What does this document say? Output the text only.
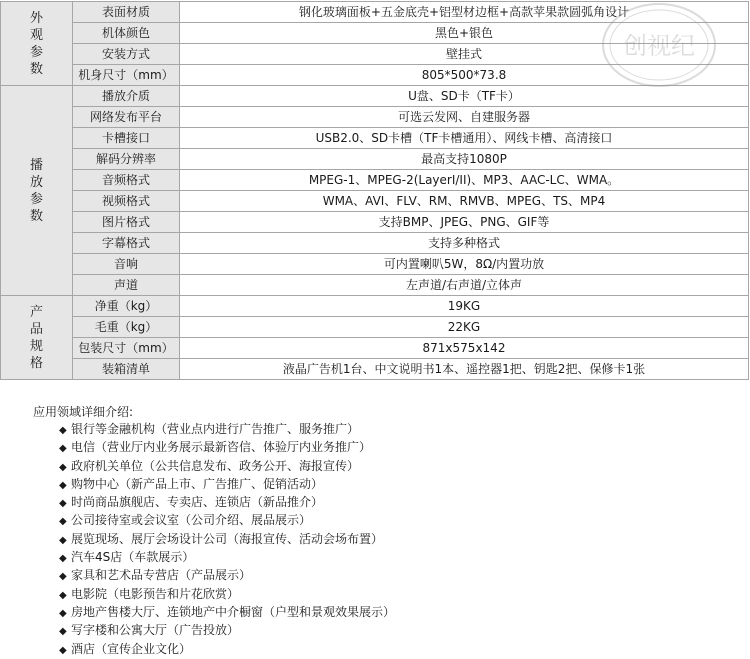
外
观
参
数	表面材质	钢化玻璃面板+五金底壳+铝型材边框+高款苹果款圆弧角设计
	机体颜色	黑色+银色
	安装方式	壁挂式
	机身尺寸（mm）	805*500*73.8

播
放
参
数	播放介质	U盘、SD卡（TF卡）
	网络发布平台	可选云发网、自建服务器
	卡槽接口	USB2.0、SD卡槽（TF卡槽通用）、网线卡槽、高清接口
	解码分辨率	最高支持1080P
	音频格式	MPEG-1、MPEG-2(LayerI/II)、MP3、AAC-LC、WMA。
	视频格式	WMA、AVI、FLV、RM、RMVB、MPEG、TS、MP4
	图片格式	支持BMP、JPEG、PNG、GIF等
	字幕格式	支持多种格式
	音响	可内置喇叭5W，8Ω/内置功放
	声道	左声道/右声道/立体声

产
品
规
格	净重（kg）	19KG
	毛重（kg）	22KG
	包装尺寸（mm）	871x575x142
	装箱清单	液晶广告机1台、中文说明书1本、遥控器1把、钥匙2把、保修卡1张
创视纪
应用领域详细介绍:
◆ 银行等金融机构（营业点内进行广告推广、服务推广）
◆ 电信（营业厅内业务展示最新咨信、体验厅内业务推广）
◆ 政府机关单位（公共信息发布、政务公开、海报宣传）
◆ 购物中心（新产品上市、广告推广、促销活动）
◆ 时尚商品旗舰店、专卖店、连锁店（新品推介）
◆ 公司接待室或会议室（公司介绍、展品展示）
◆ 展览现场、展厅会场设计公司（海报宣传、活动会场布置）
◆ 汽车4S店（车款展示）
◆ 家具和艺术品专营店（产品展示）
◆ 电影院（电影预告和片花欣赏）
◆ 房地产售楼大厅、连锁地产中介橱窗（户型和景观效果展示）
◆ 写字楼和公寓大厅（广告投放）
◆ 酒店（宣传企业文化）
